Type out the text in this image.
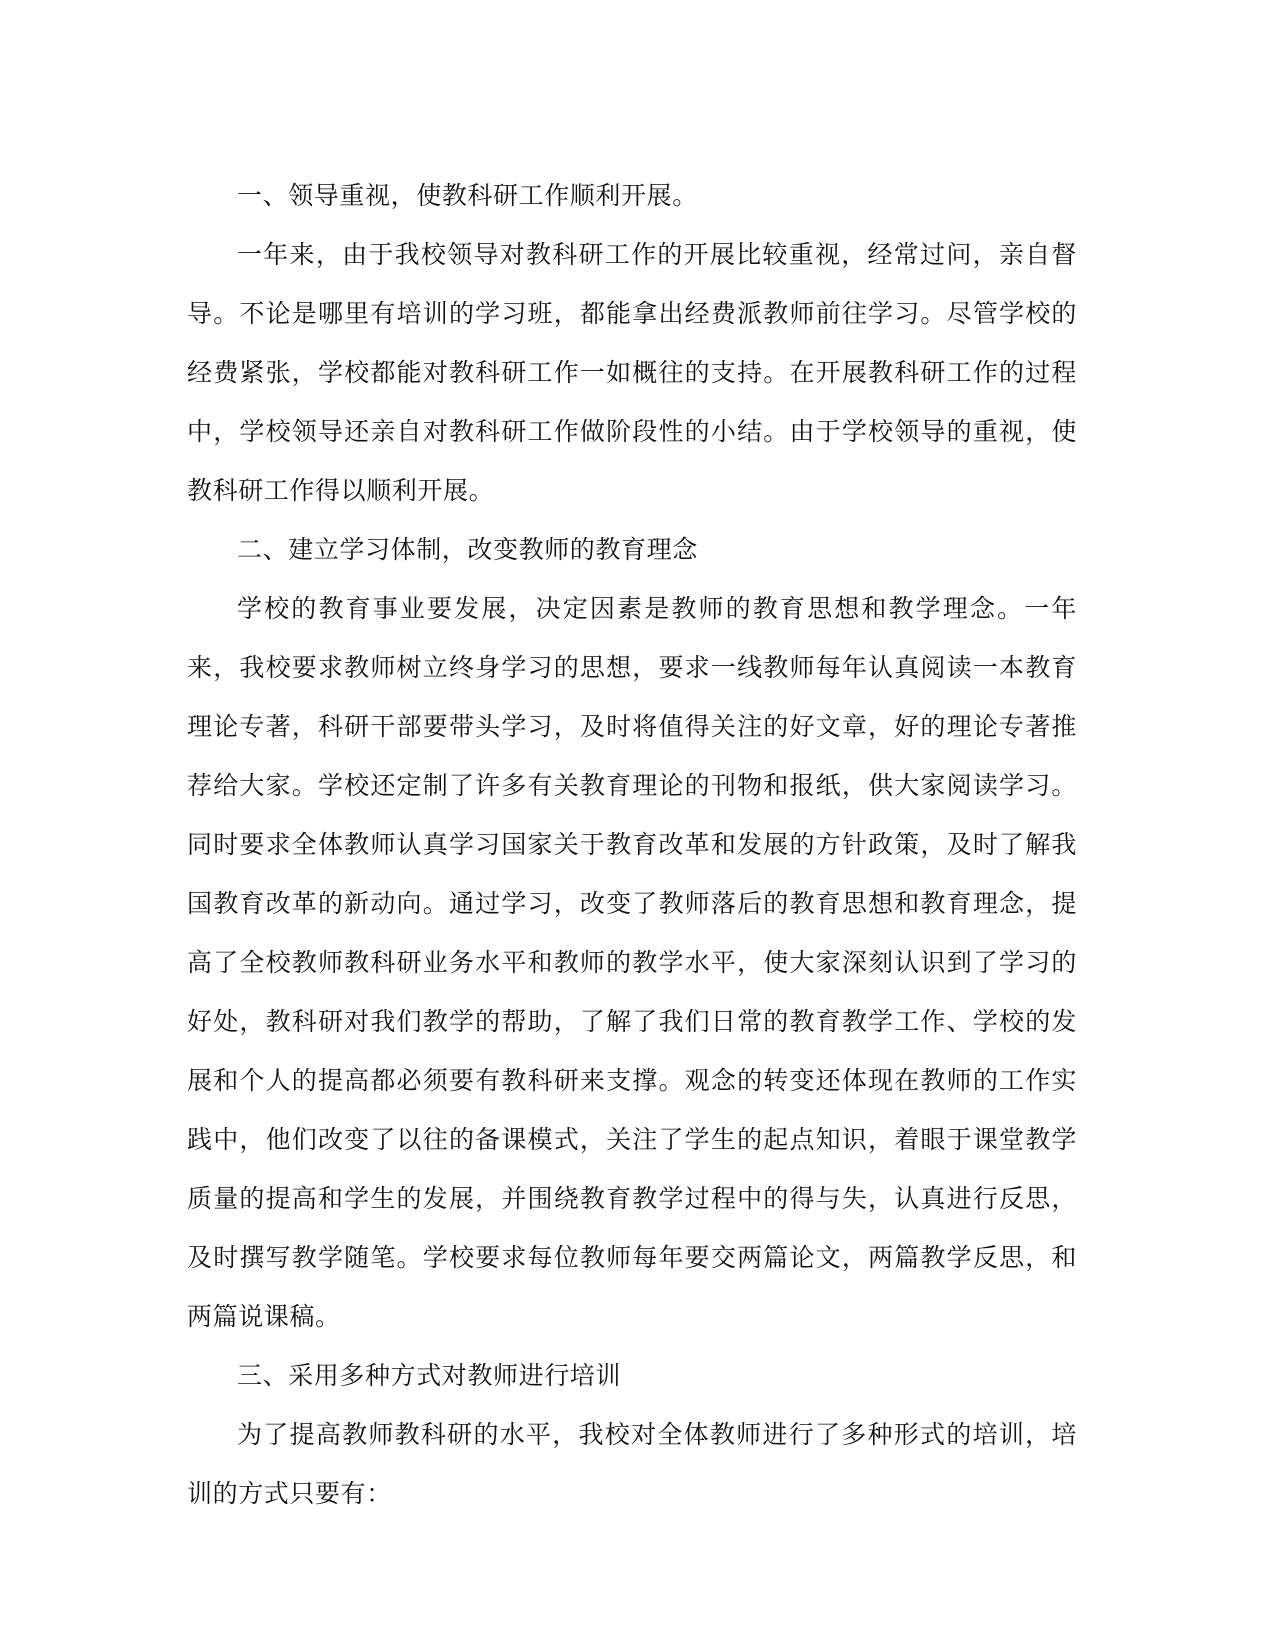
一、领导重视，使教科研工作顺利开展。

一年来，由于我校领导对教科研工作的开展比较重视，经常过问，亲自督导。不论是哪里有培训的学习班，都能拿出经费派教师前往学习。尽管学校的经费紧张，学校都能对教科研工作一如概往的支持。在开展教科研工作的过程中，学校领导还亲自对教科研工作做阶段性的小结。由于学校领导的重视，使教科研工作得以顺利开展。

二、建立学习体制，改变教师的教育理念

学校的教育事业要发展，决定因素是教师的教育思想和教学理念。一年来，我校要求教师树立终身学习的思想，要求一线教师每年认真阅读一本教育理论专著，科研干部要带头学习，及时将值得关注的好文章，好的理论专著推荐给大家。学校还定制了许多有关教育理论的刊物和报纸，供大家阅读学习。同时要求全体教师认真学习国家关于教育改革和发展的方针政策，及时了解我国教育改革的新动向。通过学习，改变了教师落后的教育思想和教育理念，提高了全校教师教科研业务水平和教师的教学水平，使大家深刻认识到了学习的好处，教科研对我们教学的帮助，了解了我们日常的教育教学工作、学校的发展和个人的提高都必须要有教科研来支撑。观念的转变还体现在教师的工作实践中，他们改变了以往的备课模式，关注了学生的起点知识，着眼于课堂教学质量的提高和学生的发展，并围绕教育教学过程中的得与失，认真进行反思，及时撰写教学随笔。学校要求每位教师每年要交两篇论文，两篇教学反思，和两篇说课稿。

三、采用多种方式对教师进行培训

为了提高教师教科研的水平，我校对全体教师进行了多种形式的培训，培训的方式只要有：
